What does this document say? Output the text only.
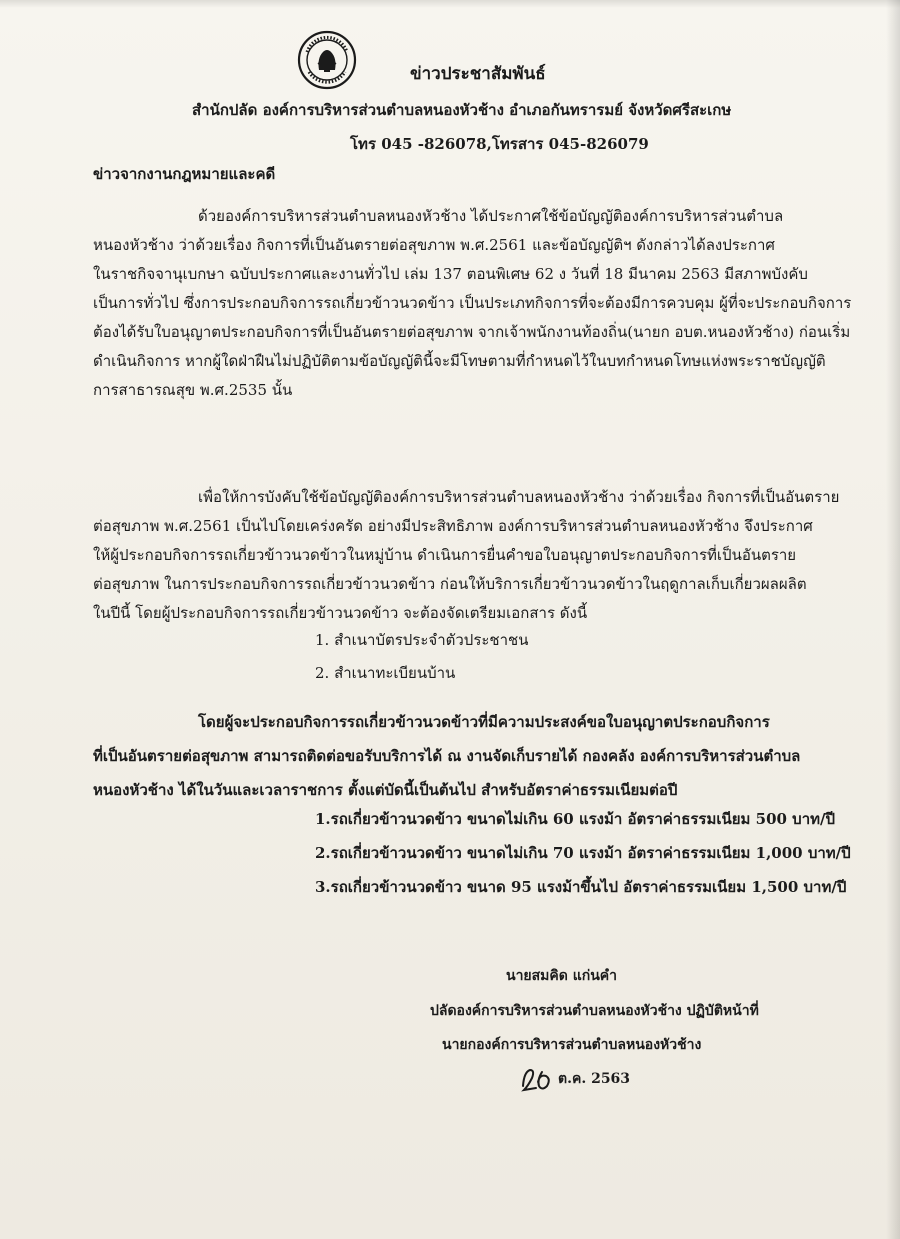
ข่าวประชาสัมพันธ์
สำนักปลัด องค์การบริหารส่วนตำบลหนองหัวช้าง อำเภอกันทรารมย์ จังหวัดศรีสะเกษ
โทร 045 -826078,โทรสาร 045-826079
ข่าวจากงานกฎหมายและคดี
ด้วยองค์การบริหารส่วนตำบลหนองหัวช้าง ได้ประกาศใช้ข้อบัญญัติองค์การบริหารส่วนตำบล
หนองหัวช้าง ว่าด้วยเรื่อง กิจการที่เป็นอันตรายต่อสุขภาพ พ.ศ.2561 และข้อบัญญัติฯ ดังกล่าวได้ลงประกาศ
ในราชกิจจานุเบกษา ฉบับประกาศและงานทั่วไป เล่ม 137 ตอนพิเศษ 62 ง วันที่ 18 มีนาคม 2563 มีสภาพบังคับ
เป็นการทั่วไป ซึ่งการประกอบกิจการรถเกี่ยวข้าวนวดข้าว เป็นประเภทกิจการที่จะต้องมีการควบคุม ผู้ที่จะประกอบกิจการ
ต้องได้รับใบอนุญาตประกอบกิจการที่เป็นอันตรายต่อสุขภาพ จากเจ้าพนักงานท้องถิ่น(นายก อบต.หนองหัวช้าง) ก่อนเริ่ม
ดำเนินกิจการ หากผู้ใดฝ่าฝืนไม่ปฏิบัติตามข้อบัญญัตินี้จะมีโทษตามที่กำหนดไว้ในบทกำหนดโทษแห่งพระราชบัญญัติ
การสาธารณสุข พ.ศ.2535 นั้น
เพื่อให้การบังคับใช้ข้อบัญญัติองค์การบริหารส่วนตำบลหนองหัวช้าง ว่าด้วยเรื่อง กิจการที่เป็นอันตราย
ต่อสุขภาพ พ.ศ.2561 เป็นไปโดยเคร่งครัด อย่างมีประสิทธิภาพ องค์การบริหารส่วนตำบลหนองหัวช้าง จึงประกาศ
ให้ผู้ประกอบกิจการรถเกี่ยวข้าวนวดข้าวในหมู่บ้าน ดำเนินการยื่นคำขอใบอนุญาตประกอบกิจการที่เป็นอันตราย
ต่อสุขภาพ ในการประกอบกิจการรถเกี่ยวข้าวนวดข้าว ก่อนให้บริการเกี่ยวข้าวนวดข้าวในฤดูกาลเก็บเกี่ยวผลผลิต
ในปีนี้ โดยผู้ประกอบกิจการรถเกี่ยวข้าวนวดข้าว จะต้องจัดเตรียมเอกสาร ดังนี้
1. สำเนาบัตรประจำตัวประชาชน
2. สำเนาทะเบียนบ้าน
โดยผู้จะประกอบกิจการรถเกี่ยวข้าวนวดข้าวที่มีความประสงค์ขอใบอนุญาตประกอบกิจการ
ที่เป็นอันตรายต่อสุขภาพ สามารถติดต่อขอรับบริการได้ ณ งานจัดเก็บรายได้ กองคลัง องค์การบริหารส่วนตำบล
หนองหัวช้าง ได้ในวันและเวลาราชการ ตั้งแต่บัดนี้เป็นต้นไป สำหรับอัตราค่าธรรมเนียมต่อปี
1.รถเกี่ยวข้าวนวดข้าว ขนาดไม่เกิน 60 แรงม้า อัตราค่าธรรมเนียม 500 บาท/ปี
2.รถเกี่ยวข้าวนวดข้าว ขนาดไม่เกิน 70 แรงม้า อัตราค่าธรรมเนียม 1,000 บาท/ปี
3.รถเกี่ยวข้าวนวดข้าว ขนาด 95 แรงม้าขึ้นไป อัตราค่าธรรมเนียม 1,500 บาท/ปี
นายสมคิด แก่นคำ
ปลัดองค์การบริหารส่วนตำบลหนองหัวช้าง ปฏิบัติหน้าที่
นายกองค์การบริหารส่วนตำบลหนองหัวช้าง
ต.ค. 2563
